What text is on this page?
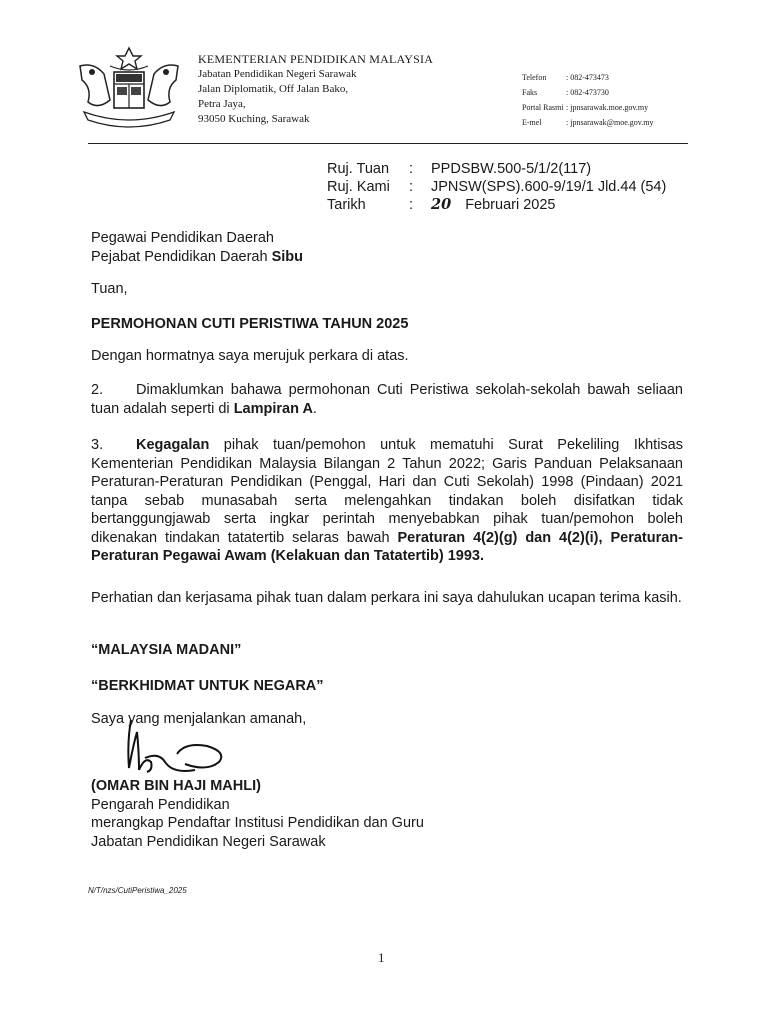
KEMENTERIAN PENDIDIKAN MALAYSIA
Jabatan Pendidikan Negeri Sarawak
Jalan Diplomatik, Off Jalan Bako,
Petra Jaya,
93050 Kuching, Sarawak
Telefon : 082-473473
Faks	: 082-473730
Portal Rasmi : jpnsarawak.moe.gov.my
E-mel	: jpnsarawak@moe.gov.my
Ruj. Tuan : PPDSBW.500-5/1/2(117)
Ruj. Kami : JPNSW(SPS).600-9/19/1 Jld.44 (54)
Tarikh	: 20 Februari 2025
Pegawai Pendidikan Daerah
Pejabat Pendidikan Daerah Sibu
Tuan,
PERMOHONAN CUTI PERISTIWA TAHUN 2025
Dengan hormatnya saya merujuk perkara di atas.
2. Dimaklumkan bahawa permohonan Cuti Peristiwa sekolah-sekolah bawah seliaan tuan adalah seperti di Lampiran A.
3. Kegagalan pihak tuan/pemohon untuk mematuhi Surat Pekeliling Ikhtisas Kementerian Pendidikan Malaysia Bilangan 2 Tahun 2022; Garis Panduan Pelaksanaan Peraturan-Peraturan Pendidikan (Penggal, Hari dan Cuti Sekolah) 1998 (Pindaan) 2021 tanpa sebab munasabah serta melengahkan tindakan boleh disifatkan tidak bertanggungjawab serta ingkar perintah menyebabkan pihak tuan/pemohon boleh dikenakan tindakan tatatertib selaras bawah Peraturan 4(2)(g) dan 4(2)(i), Peraturan-Peraturan Pegawai Awam (Kelakuan dan Tatatertib) 1993.
Perhatian dan kerjasama pihak tuan dalam perkara ini saya dahulukan ucapan terima kasih.
“MALAYSIA MADANI”
“BERKHIDMAT UNTUK NEGARA”
Saya yang menjalankan amanah,
(OMAR BIN HAJI MAHLI)
Pengarah Pendidikan
merangkap Pendaftar Institusi Pendidikan dan Guru
Jabatan Pendidikan Negeri Sarawak
N/T/nzs/CutiPeristiwa_2025
1
